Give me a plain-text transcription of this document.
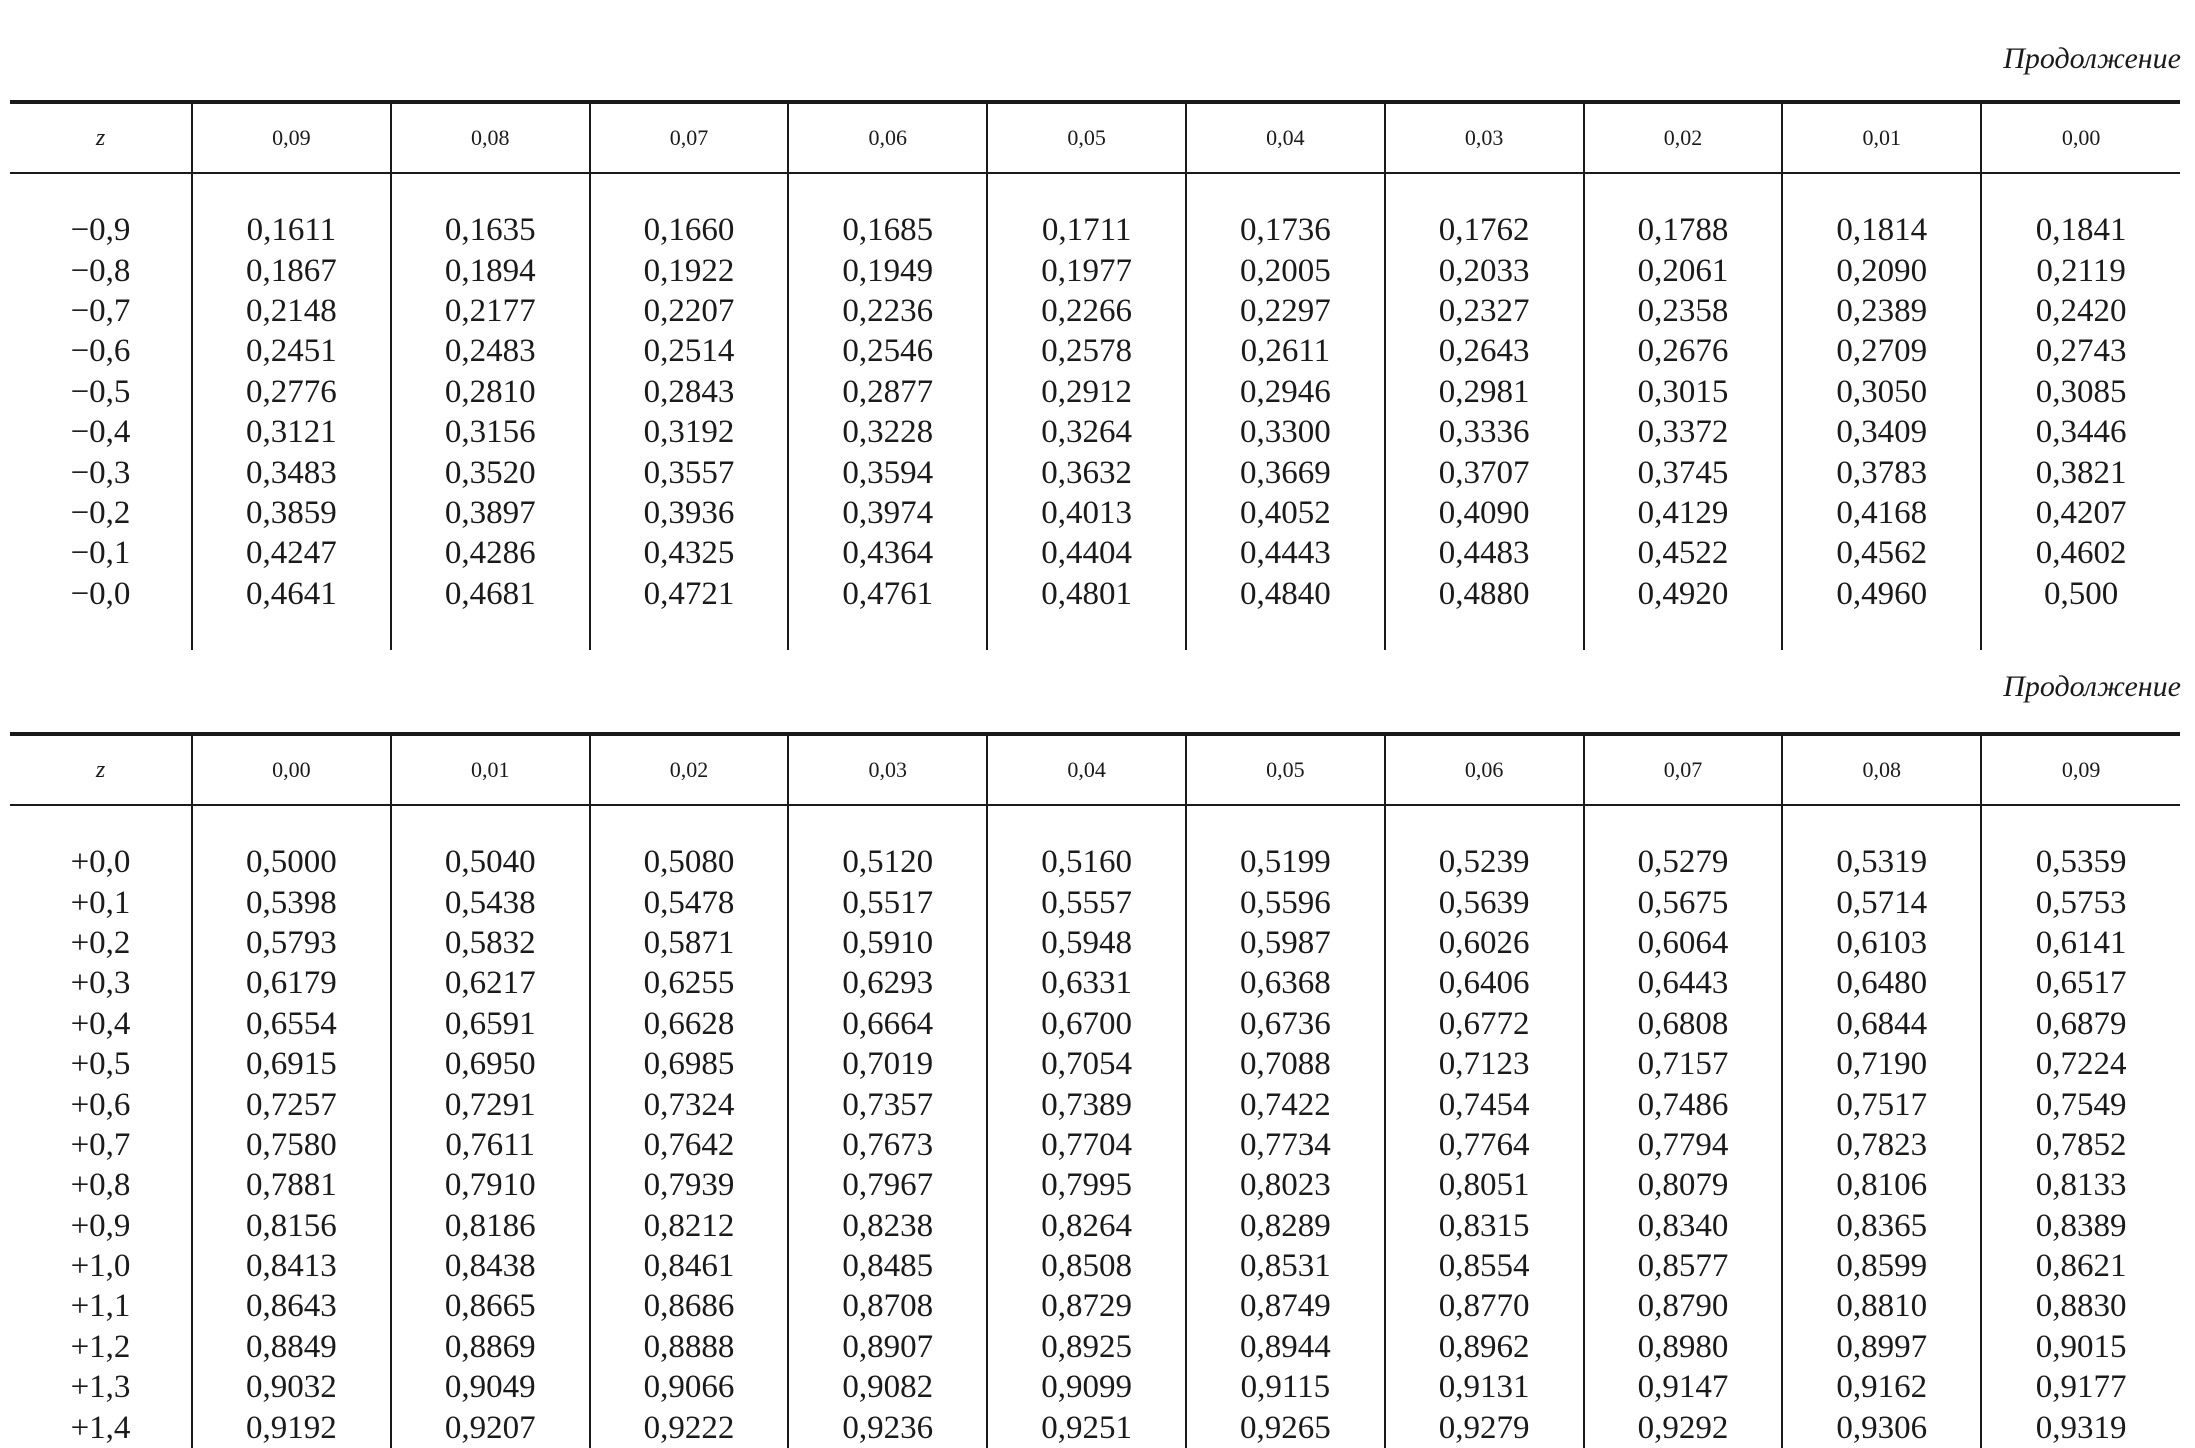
Продолжение
z	0,09	0,08	0,07	0,06	0,05	0,04	0,03	0,02	0,01	0,00

−0,9	0,1611	0,1635	0,1660	0,1685	0,1711	0,1736	0,1762	0,1788	0,1814	0,1841
−0,8	0,1867	0,1894	0,1922	0,1949	0,1977	0,2005	0,2033	0,2061	0,2090	0,2119
−0,7	0,2148	0,2177	0,2207	0,2236	0,2266	0,2297	0,2327	0,2358	0,2389	0,2420
−0,6	0,2451	0,2483	0,2514	0,2546	0,2578	0,2611	0,2643	0,2676	0,2709	0,2743
−0,5	0,2776	0,2810	0,2843	0,2877	0,2912	0,2946	0,2981	0,3015	0,3050	0,3085
−0,4	0,3121	0,3156	0,3192	0,3228	0,3264	0,3300	0,3336	0,3372	0,3409	0,3446
−0,3	0,3483	0,3520	0,3557	0,3594	0,3632	0,3669	0,3707	0,3745	0,3783	0,3821
−0,2	0,3859	0,3897	0,3936	0,3974	0,4013	0,4052	0,4090	0,4129	0,4168	0,4207
−0,1	0,4247	0,4286	0,4325	0,4364	0,4404	0,4443	0,4483	0,4522	0,4562	0,4602
−0,0	0,4641	0,4681	0,4721	0,4761	0,4801	0,4840	0,4880	0,4920	0,4960	0,500

Продолжение
z	0,00	0,01	0,02	0,03	0,04	0,05	0,06	0,07	0,08	0,09

+0,0	0,5000	0,5040	0,5080	0,5120	0,5160	0,5199	0,5239	0,5279	0,5319	0,5359
+0,1	0,5398	0,5438	0,5478	0,5517	0,5557	0,5596	0,5639	0,5675	0,5714	0,5753
+0,2	0,5793	0,5832	0,5871	0,5910	0,5948	0,5987	0,6026	0,6064	0,6103	0,6141
+0,3	0,6179	0,6217	0,6255	0,6293	0,6331	0,6368	0,6406	0,6443	0,6480	0,6517
+0,4	0,6554	0,6591	0,6628	0,6664	0,6700	0,6736	0,6772	0,6808	0,6844	0,6879
+0,5	0,6915	0,6950	0,6985	0,7019	0,7054	0,7088	0,7123	0,7157	0,7190	0,7224
+0,6	0,7257	0,7291	0,7324	0,7357	0,7389	0,7422	0,7454	0,7486	0,7517	0,7549
+0,7	0,7580	0,7611	0,7642	0,7673	0,7704	0,7734	0,7764	0,7794	0,7823	0,7852
+0,8	0,7881	0,7910	0,7939	0,7967	0,7995	0,8023	0,8051	0,8079	0,8106	0,8133
+0,9	0,8156	0,8186	0,8212	0,8238	0,8264	0,8289	0,8315	0,8340	0,8365	0,8389
+1,0	0,8413	0,8438	0,8461	0,8485	0,8508	0,8531	0,8554	0,8577	0,8599	0,8621
+1,1	0,8643	0,8665	0,8686	0,8708	0,8729	0,8749	0,8770	0,8790	0,8810	0,8830
+1,2	0,8849	0,8869	0,8888	0,8907	0,8925	0,8944	0,8962	0,8980	0,8997	0,9015
+1,3	0,9032	0,9049	0,9066	0,9082	0,9099	0,9115	0,9131	0,9147	0,9162	0,9177
+1,4	0,9192	0,9207	0,9222	0,9236	0,9251	0,9265	0,9279	0,9292	0,9306	0,9319
